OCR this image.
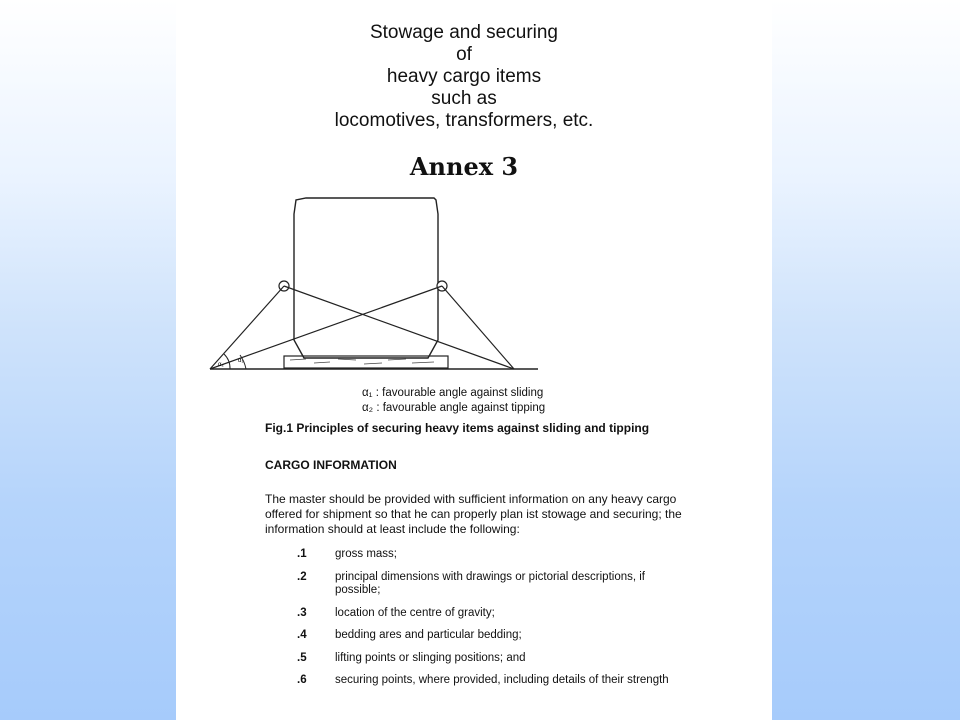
Stowage and securing
of
heavy cargo items
such as
locomotives, transformers, etc.
Annex 3
α₂
α₁
α₁ : favourable angle against sliding
α₂ : favourable angle against tipping
Fig.1 Principles of securing heavy items against sliding and tipping
CARGO INFORMATION
The master should be provided with sufficient information on any heavy cargo offered for shipment so that he can properly plan ist stowage and securing; the information should at least include the following:
.1	gross mass;
.2	principal dimensions with drawings or pictorial descriptions, if possible;
.3	location of the centre of gravity;
.4	bedding ares and particular bedding;
.5	lifting points or slinging positions; and
.6	securing points, where provided, including details of their strength
